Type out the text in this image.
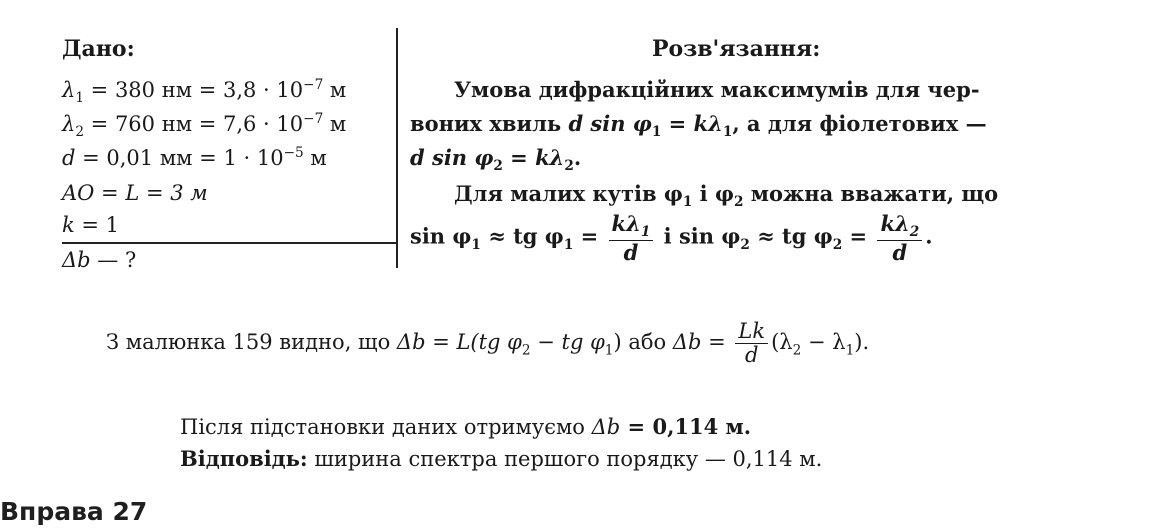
Дано:
$\lambda_1 = 380$ нм = $3,8 \cdot 10^{-7}$ м
$\lambda_2 = 760$ нм = $7,6 \cdot 10^{-7}$ м
d = 0,01 мм = $1 \cdot 10^{-5}$ м
AO = L = 3 м
k = 1
Δb — ?
Розв'язання:
Умова дифракційних максимумів для чер-
воних хвиль d $\sin \varphi_1 = k\lambda_1$, а для фіолетових —
d $\sin \varphi_2 = k\lambda_2$.
Для малих кутів $\varphi_1$ і $\varphi_2$ можна вважати, що
$\sin \varphi_1$ ≈ tg $\varphi_1 = \frac{k\lambda_1}{d}$ і $\sin \varphi_2$ ≈ tg $\varphi_2 = \frac{k\lambda_2}{d}$ .
З малюнка 159 видно, що Δb = L(tg $\varphi_2$ − tg $\varphi_1$) або $\Delta b = \frac{Lk}{d} (\lambda_2 - \lambda_1)$.
Після підстановки даних отримуємо Δb = 0,114 м.
Відповідь: ширина спектра першого порядку — 0,114 м.
Вправа 27
